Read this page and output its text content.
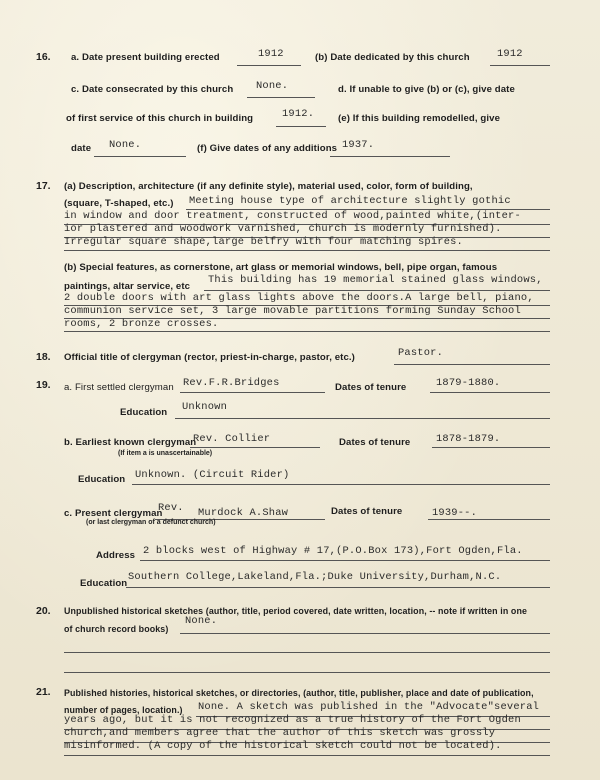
16. a. Date present building erected	1912	(b) Date dedicated by this church	1912
c. Date consecrated by this church None.	d. If unable to give (b) or (c), give date
of first service of this church in building	1912. (e) If this building remodelled, give
date None.	(f) Give dates of any additions 1937.
17. (a) Description, architecture (if any definite style), material used, color, form of building,
(square, T-shaped, etc.) Meeting house type of architecture slightly gothic
in window and door treatment, constructed of wood,painted white,(inter-
ior plastered and woodwork varnished, church is modernly furnished).
Irregular square shape,large belfry with four matching spires.
(b) Special features, as cornerstone, art glass or memorial windows, bell, pipe organ, famous
paintings, altar service, etc
This building has 19 memorial stained glass windows,
2 double doors with art glass lights above the doors.A large bell, piano,
communion service set, 3 large movable partitions forming Sunday School
rooms, 2 bronze crosses.
18. Official title of clergyman (rector, priest-in-charge, pastor, etc.)	Pastor.
19. a. First settled clergyman Rev.F.R.Bridges	Dates of tenure	1879-1880.
Education Unknown
b. Earliest known clergyman
Rev. Collier	Dates of tenure 1878-1879.
(If item a is unascertainable)
Education Unknown. (Circuit Rider)
c. Present clergyman
Rev. Murdock A.Shaw	Dates of tenure	1939--.
(or last clergyman of a defunct church)
Address 2 blocks west of Highway # 17,(P.O.Box 173),Fort Ogden,Fla.
Education
Southern College,Lakeland,Fla.;Duke University,Durham,N.C.
20. Unpublished historical sketches (author, title, period covered, date written, location, -- note if written in one
of church record books)
None.
21. Published histories, historical sketches, or directories, (author, title, publisher, place and date of publication,
number of pages, location.) None. A sketch was published in the "Advocate"several
years ago, but it is not recognized as a true history of the Fort Ogden
church,and members agree that the author of this sketch was grossly
misinformed. (A copy of the historical sketch could not be located).
